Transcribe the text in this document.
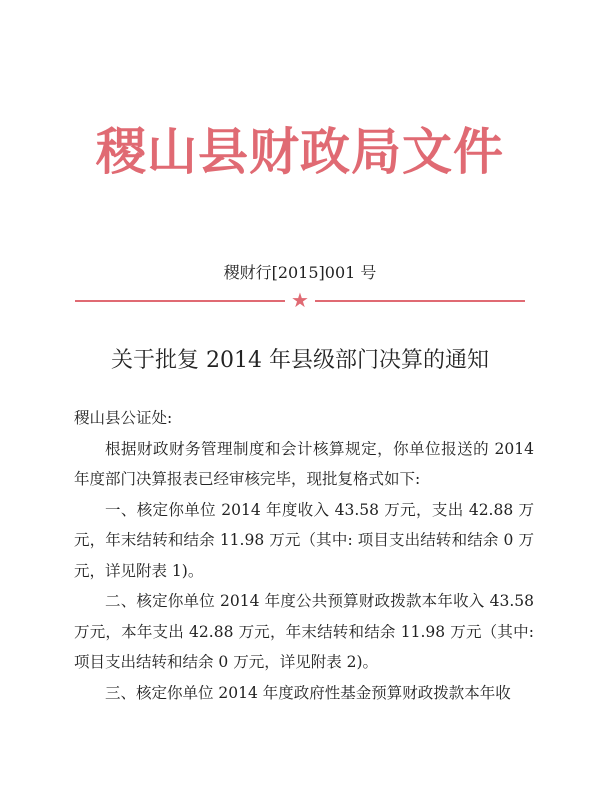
稷山县财政局文件
稷财行[2015]001 号
★
关于批复 2014 年县级部门决算的通知

稷山县公证处:

根据财政财务管理制度和会计核算规定，你单位报送的 2014 年度部门决算报表已经审核完毕，现批复格式如下:

一、核定你单位 2014 年度收入 43.58 万元，支出 42.88 万元，年末结转和结余 11.98 万元（其中: 项目支出结转和结余 0 万元，详见附表 1)。

二、核定你单位 2014 年度公共预算财政拨款本年收入 43.58 万元，本年支出 42.88 万元，年末结转和结余 11.98 万元（其中: 项目支出结转和结余 0 万元，详见附表 2)。

三、核定你单位 2014 年度政府性基金预算财政拨款本年收
